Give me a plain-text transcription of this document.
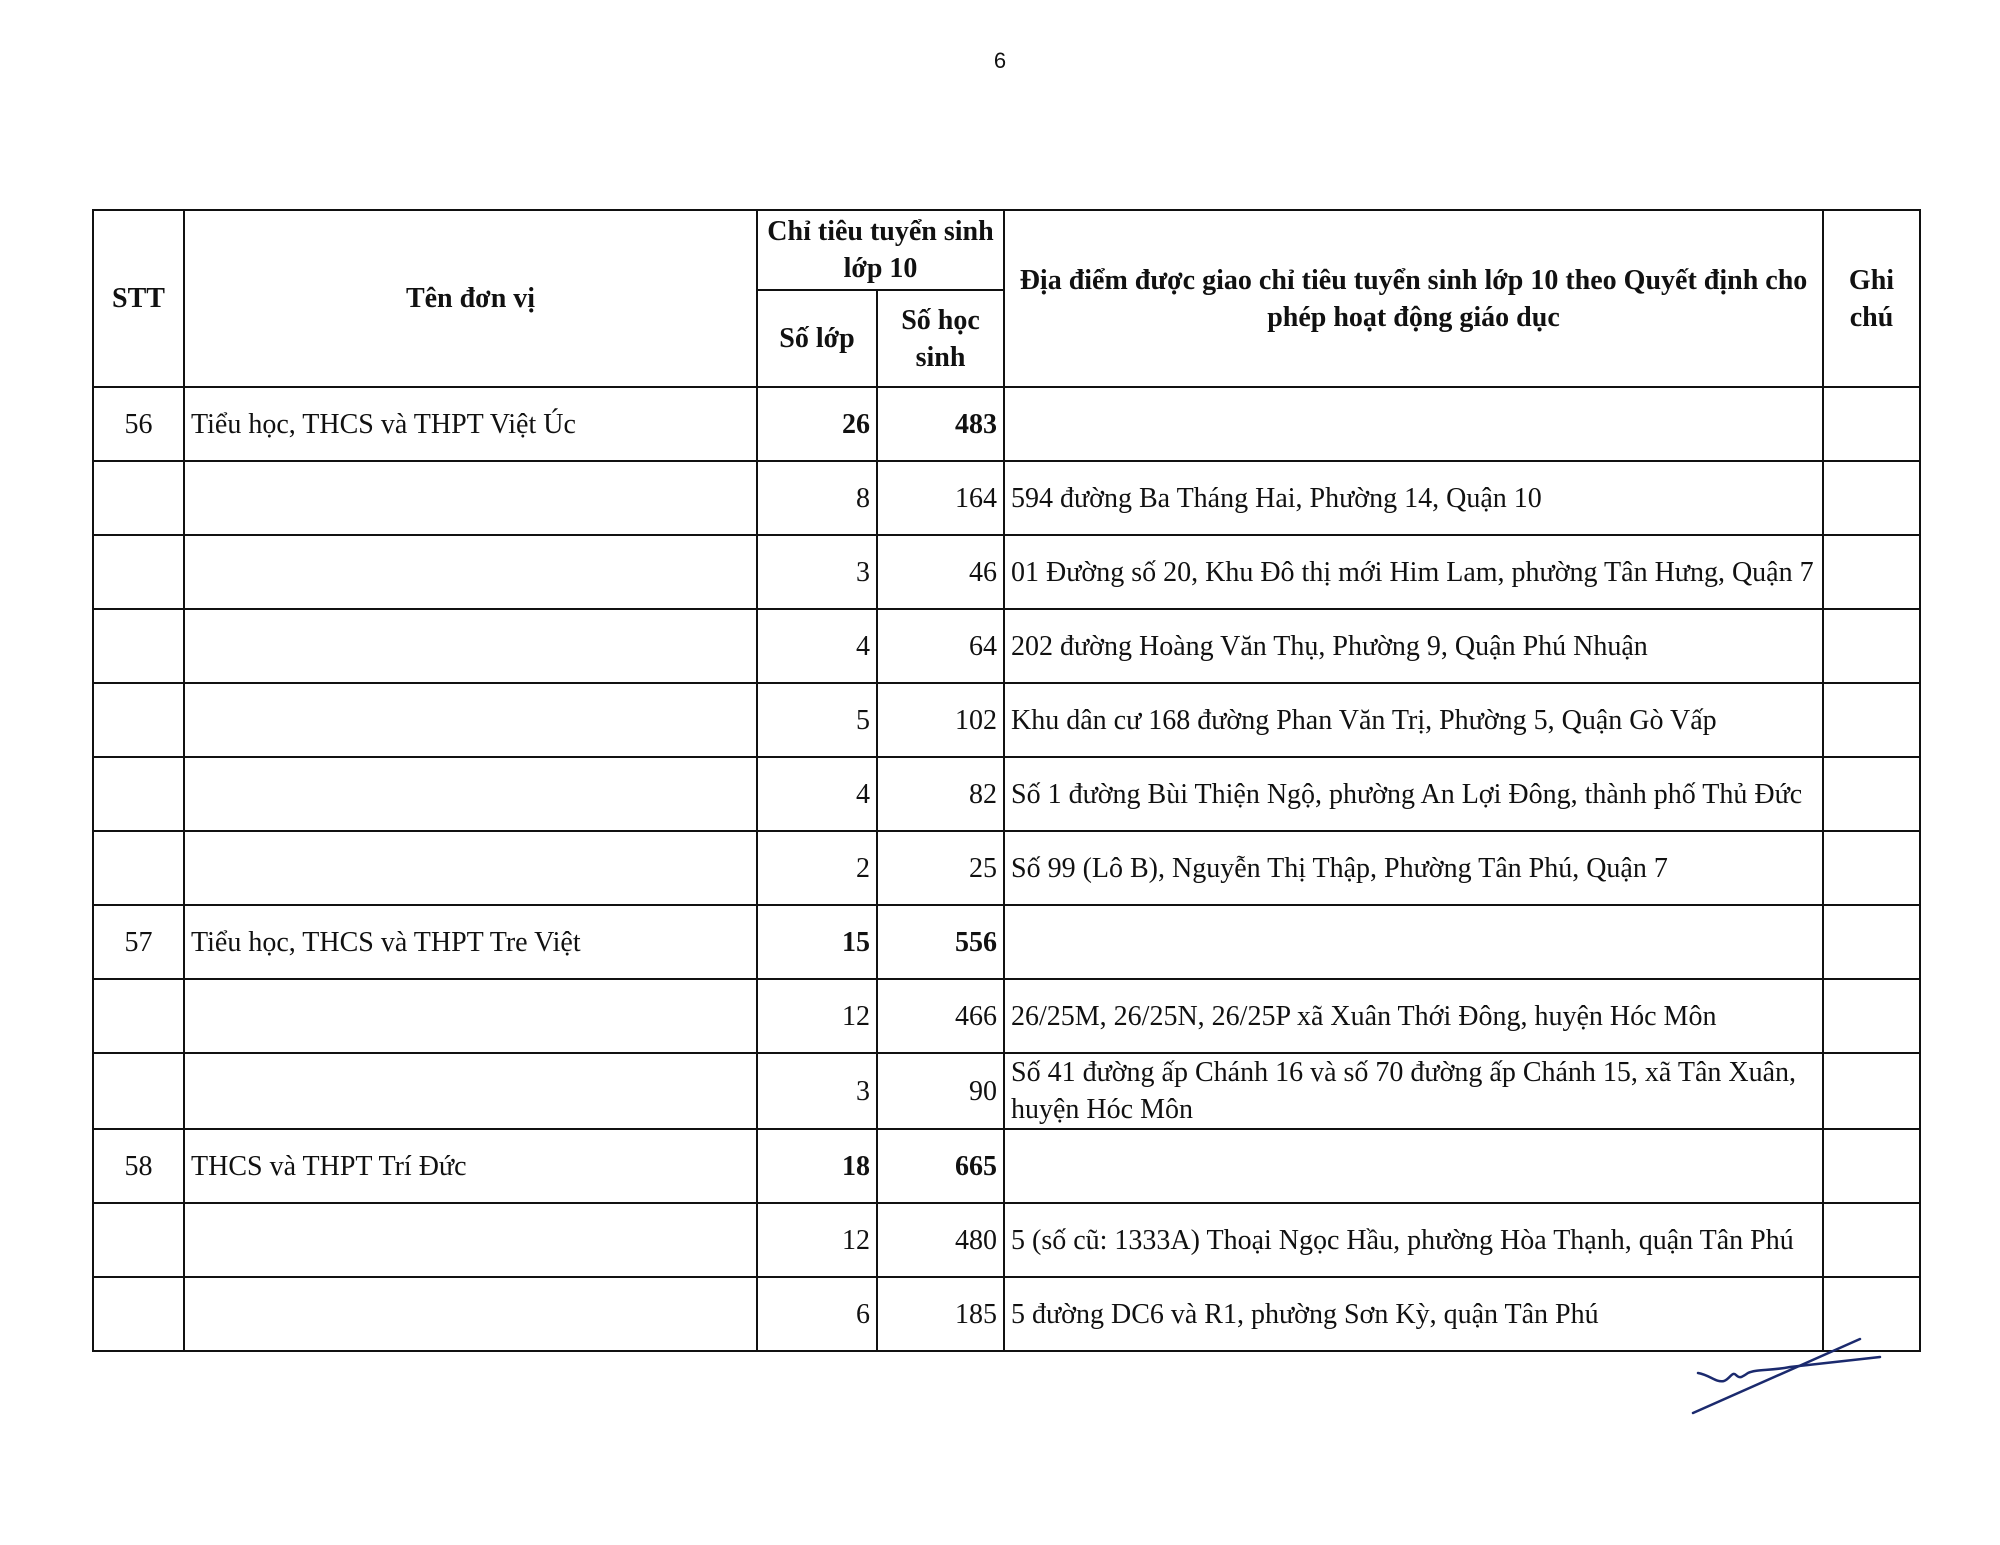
6
STT	Tên đơn vị	Chỉ tiêu tuyển sinh lớp 10		Địa điểm được giao chỉ tiêu tuyển sinh lớp 10 theo Quyết định cho phép hoạt động giáo dục	Ghi chú
		Số lớp	Số học sinh		
56	Tiểu học, THCS và THPT Việt Úc	26	483		
		8	164	594 đường Ba Tháng Hai, Phường 14, Quận 10	
		3	46	01 Đường số 20, Khu Đô thị mới Him Lam, phường Tân Hưng, Quận 7	
		4	64	202 đường Hoàng Văn Thụ, Phường 9, Quận Phú Nhuận	
		5	102	Khu dân cư 168 đường Phan Văn Trị, Phường 5, Quận Gò Vấp	
		4	82	Số 1 đường Bùi Thiện Ngộ, phường An Lợi Đông, thành phố Thủ Đức	
		2	25	Số 99 (Lô B), Nguyễn Thị Thập, Phường Tân Phú, Quận 7	
57	Tiểu học, THCS và THPT Tre Việt	15	556		
		12	466	26/25M, 26/25N, 26/25P xã Xuân Thới Đông, huyện Hóc Môn	
		3	90	Số 41 đường ấp Chánh 16 và số 70 đường ấp Chánh 15, xã Tân Xuân, huyện Hóc Môn	
58	THCS và THPT Trí Đức	18	665		
		12	480	5 (số cũ: 1333A) Thoại Ngọc Hầu, phường Hòa Thạnh, quận Tân Phú	
		6	185	5 đường DC6 và R1, phường Sơn Kỳ, quận Tân Phú	
